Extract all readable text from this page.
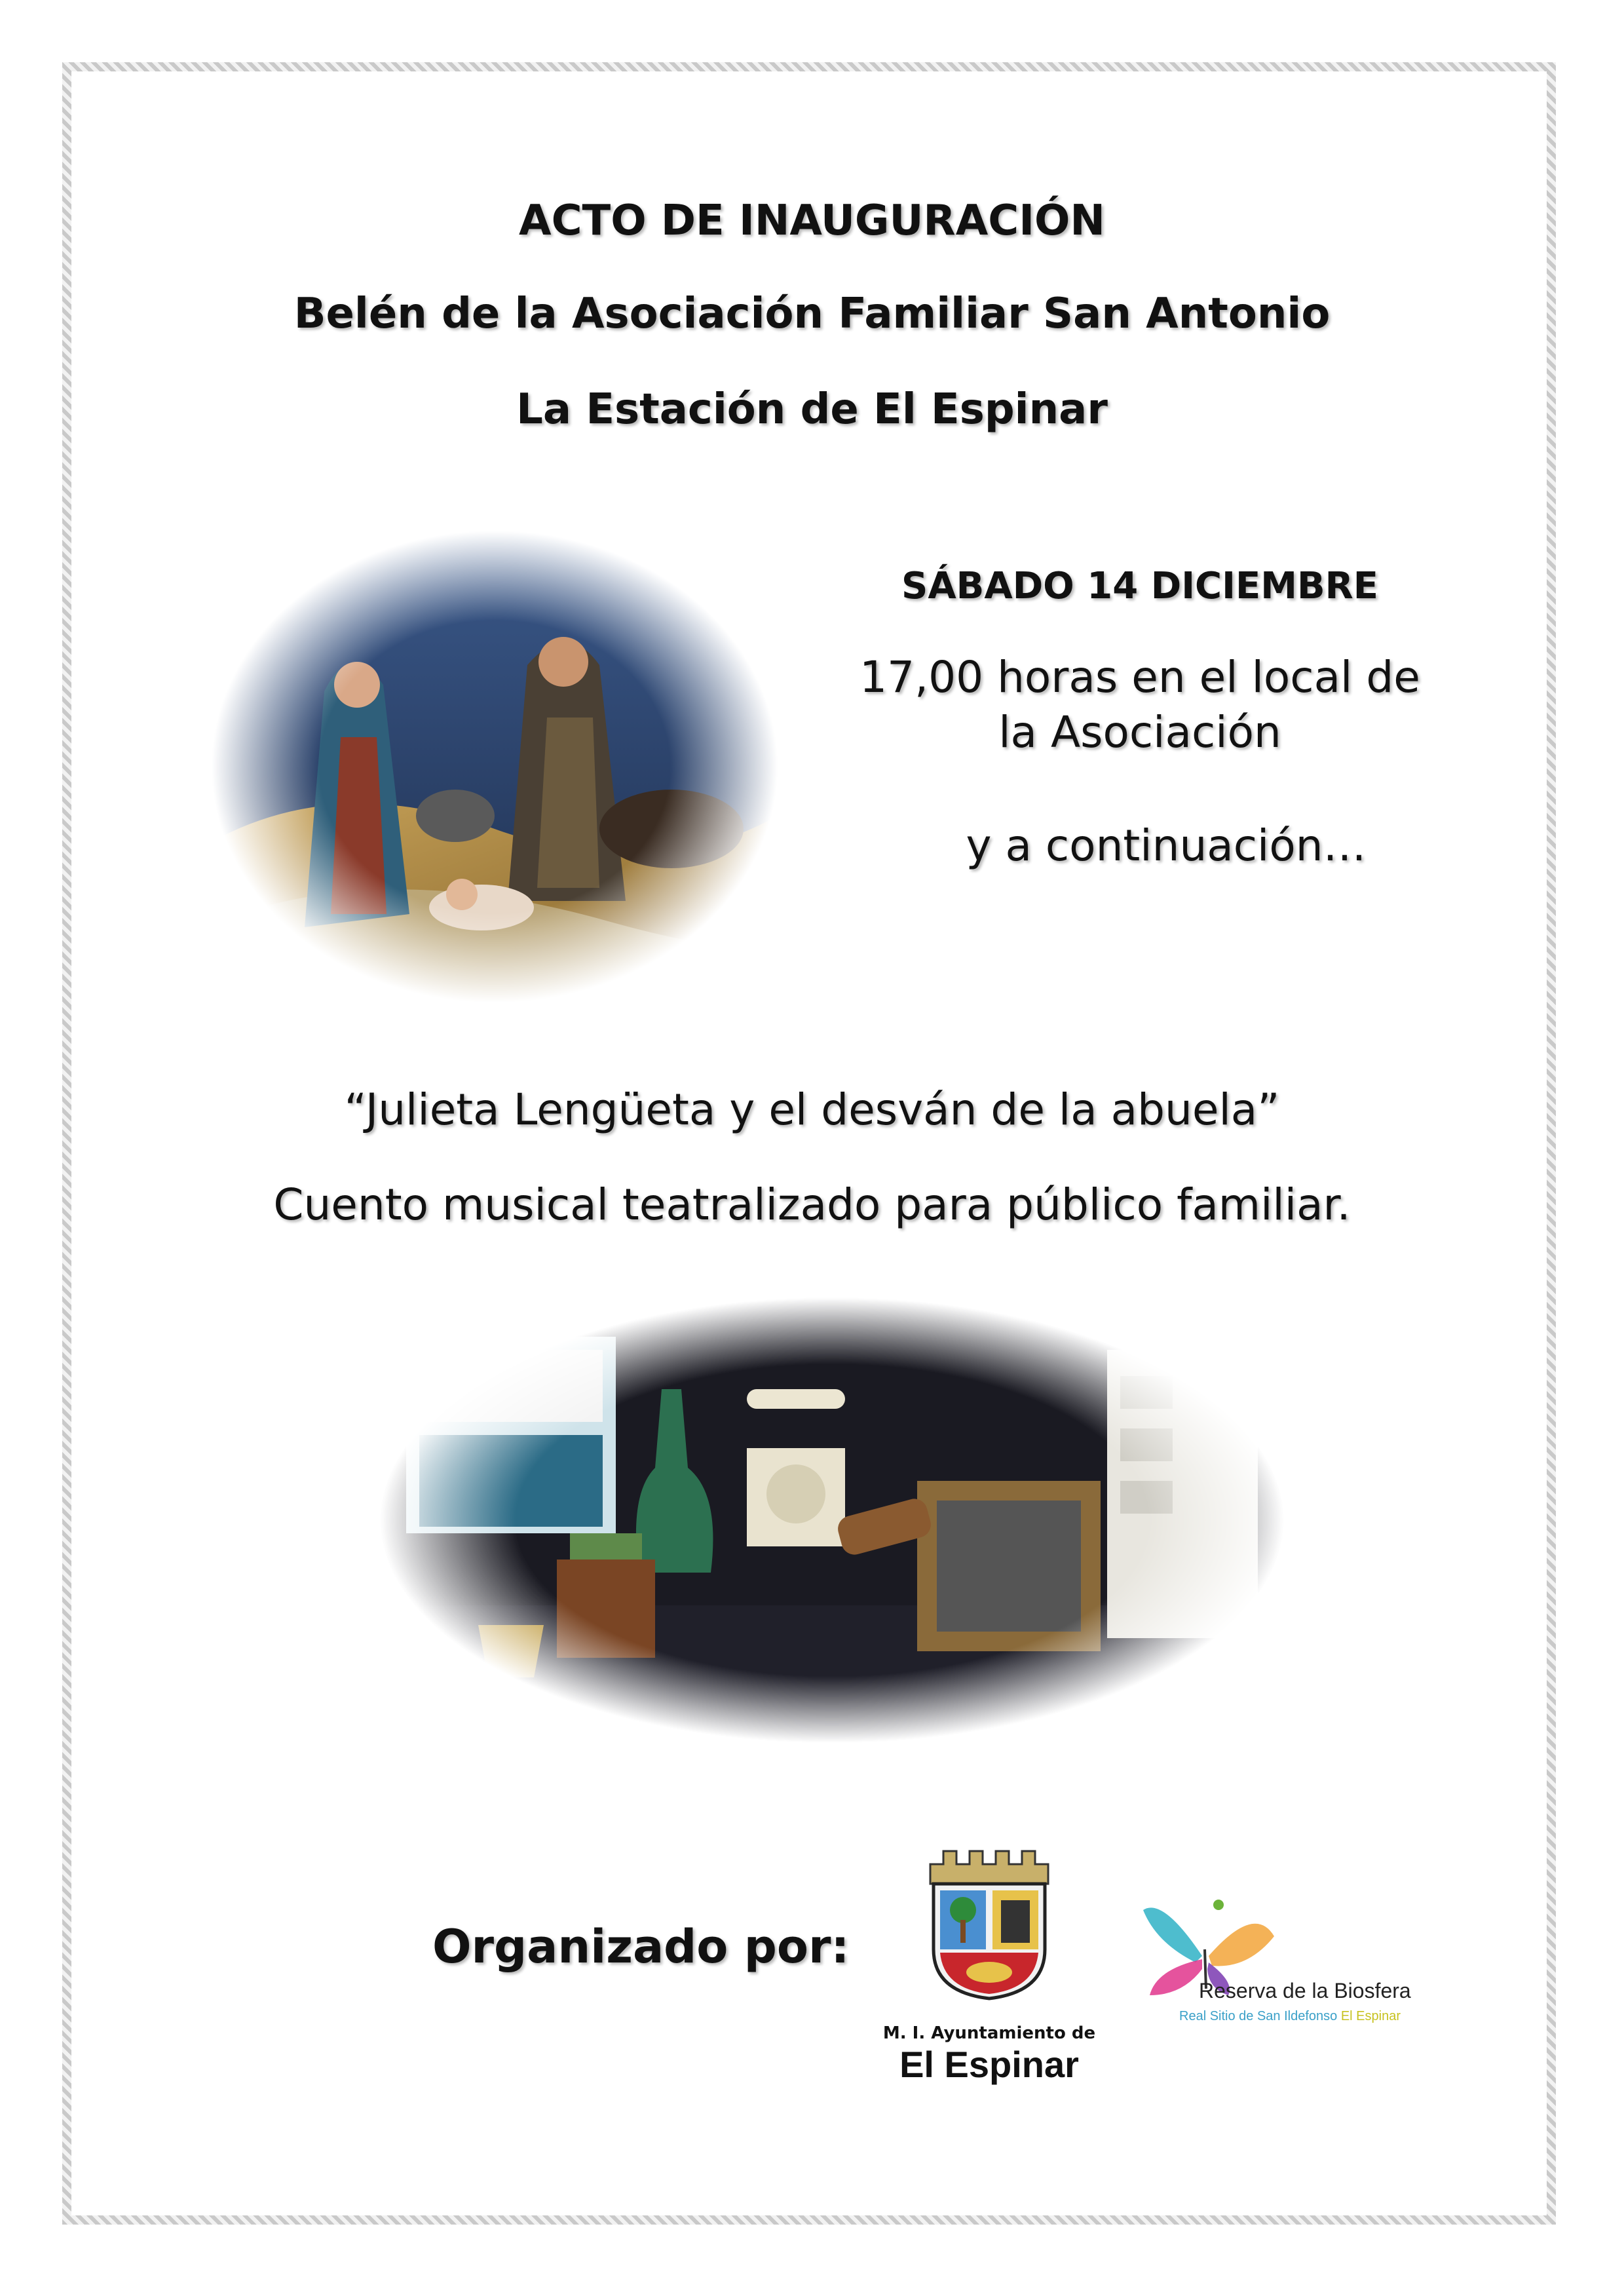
ACTO DE INAUGURACIÓN
Belén de la Asociación Familiar San Antonio
La Estación de El Espinar
SÁBADO 14 DICIEMBRE
17,00 horas en el local de
la Asociación
y a continuación…
“Julieta Lengüeta y el desván de la abuela”
Cuento musical teatralizado para público familiar.
Organizado por:
M. I. Ayuntamiento de
El Espinar
Reserva de la Biosfera
Real Sitio de San Ildefonso El Espinar
